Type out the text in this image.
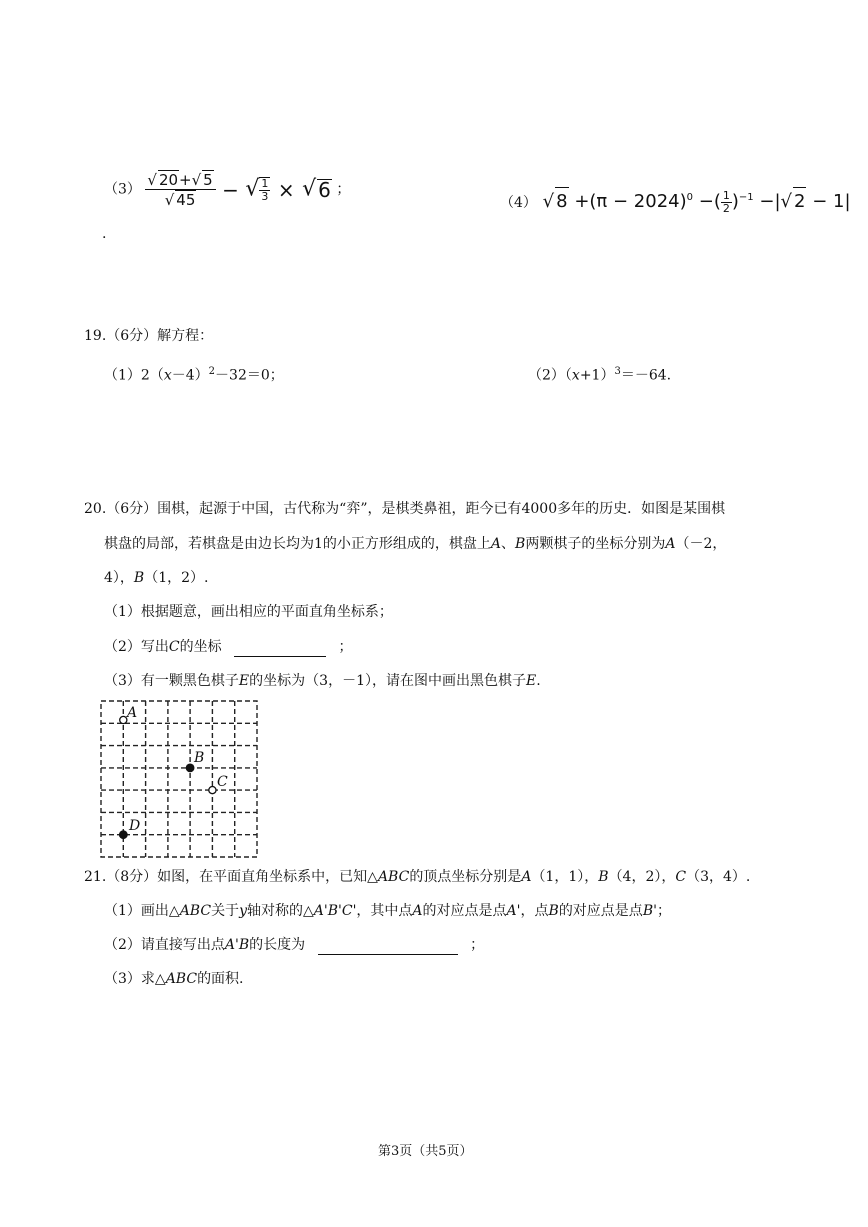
$(3) \frac{√ 20+√ 5}{√ 45}$ − √ $\frac{1}{3}$ × √ 6 ；
（4） √ $8 +(\pi - 2024)^0$ −( $\frac{1}{2} )^{-1}$ −|√ 2 − 1|
.
19.（6分）解方程：
$(1)2(x-4)^2-32=0$；	$(2)(x+1)^3=-64$.
20.（6分）围棋，起源于中国，古代称为“弈”，是棋类鼻祖，距今已有4000多年的历史．如图是某围棋
棋盘的局部，若棋盘是由边长均为1的小正方形组成的，棋盘上A、B两颗棋子的坐标分别为A（－2，
4），B（1，2）.
（1）根据题意，画出相应的平面直角坐标系；
（2）写出C的坐标	；
（3）有一颗黑色棋子E的坐标为（3，－1），请在图中画出黑色棋子E.
A
B
C
D
21.（8分）如图，在平面直角坐标系中，已知△ABC的顶点坐标分别是A（1，1），B（4，2），C（3，4）.
（1）画出△ABC关于y轴对称的△A'B'C'，其中点A的对应点是点A'，点B的对应点是点B'；
（2）请直接写出点A'B的长度为	；
（3）求△ABC的面积.
第3页（共5页）
